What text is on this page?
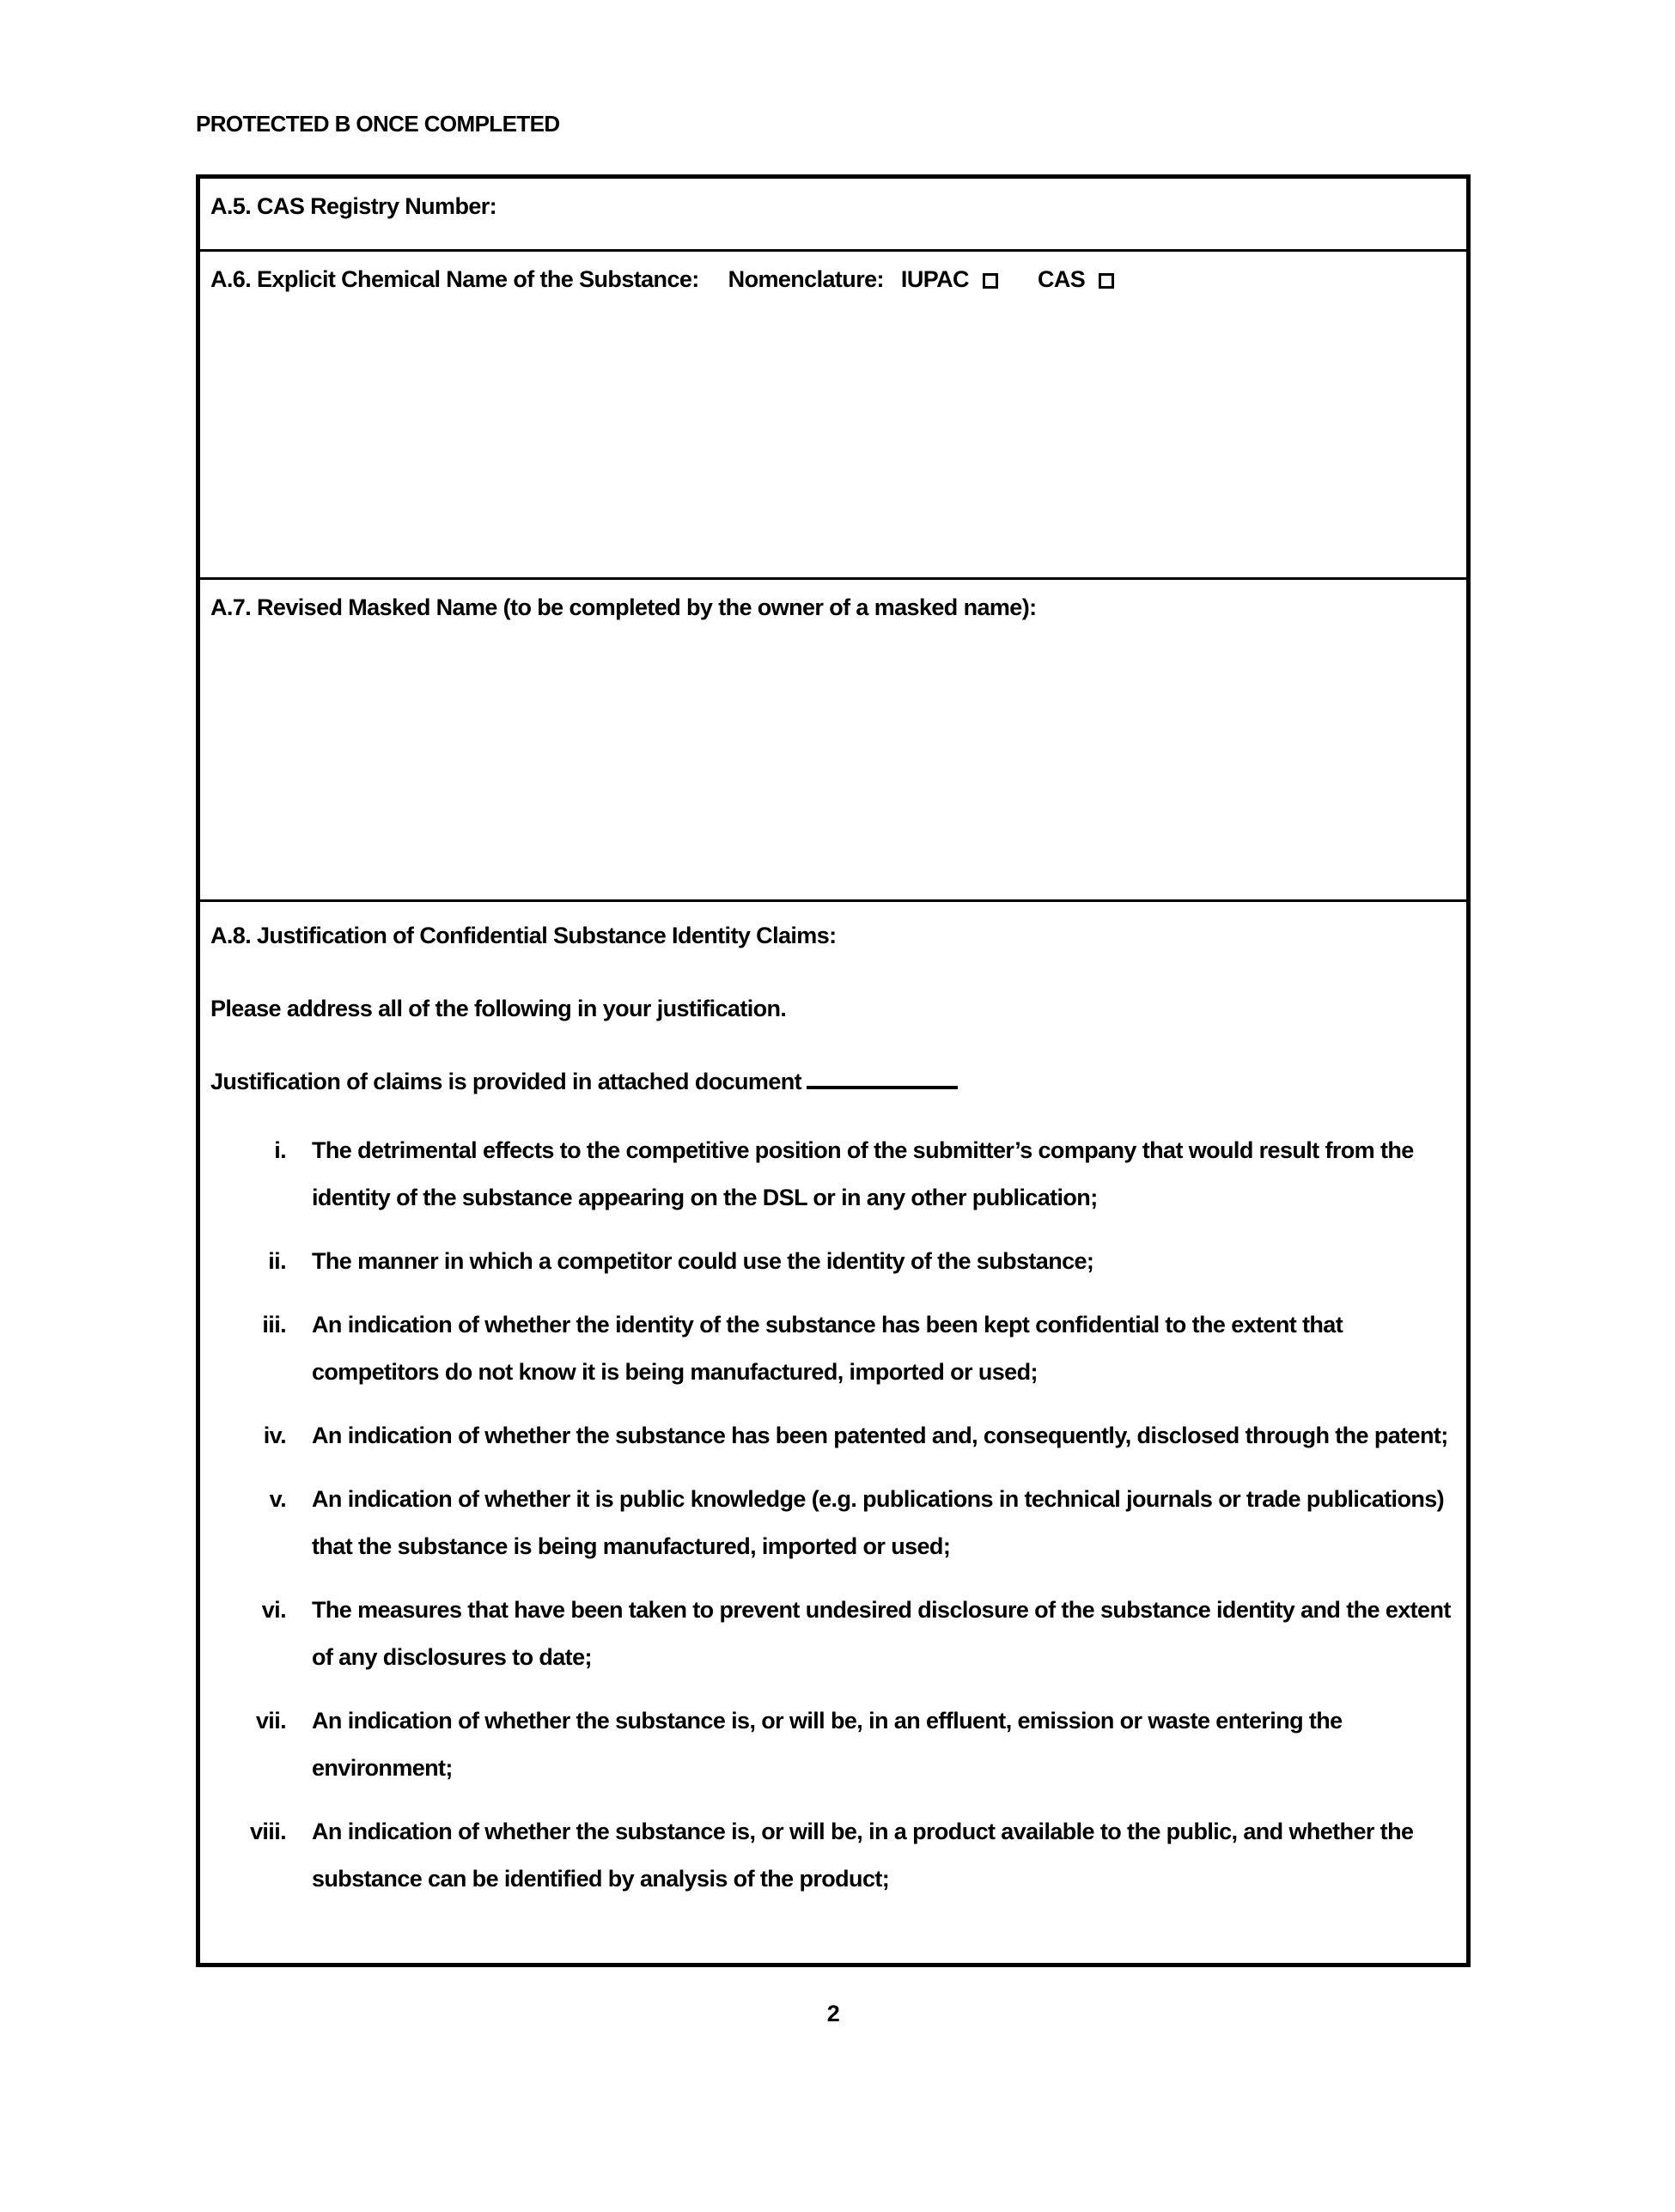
PROTECTED B ONCE COMPLETED
A.5. CAS Registry Number:
A.6. Explicit Chemical Name of the Substance: Nomenclature: IUPAC	CAS
A.7. Revised Masked Name (to be completed by the owner of a masked name):
A.8. Justification of Confidential Substance Identity Claims:

Please address all of the following in your justification.

Justification of claims is provided in attached document

i. The detrimental effects to the competitive position of the submitter’s company that would result from the identity of the substance appearing on the DSL or in any other publication;
ii. The manner in which a competitor could use the identity of the substance;
iii. An indication of whether the identity of the substance has been kept confidential to the extent that competitors do not know it is being manufactured, imported or used;
iv. An indication of whether the substance has been patented and, consequently, disclosed through the patent;
v. An indication of whether it is public knowledge (e.g. publications in technical journals or trade publications) that the substance is being manufactured, imported or used;
vi. The measures that have been taken to prevent undesired disclosure of the substance identity and the extent of any disclosures to date;
vii. An indication of whether the substance is, or will be, in an effluent, emission or waste entering the environment;
viii. An indication of whether the substance is, or will be, in a product available to the public, and whether the substance can be identified by analysis of the product;
2
